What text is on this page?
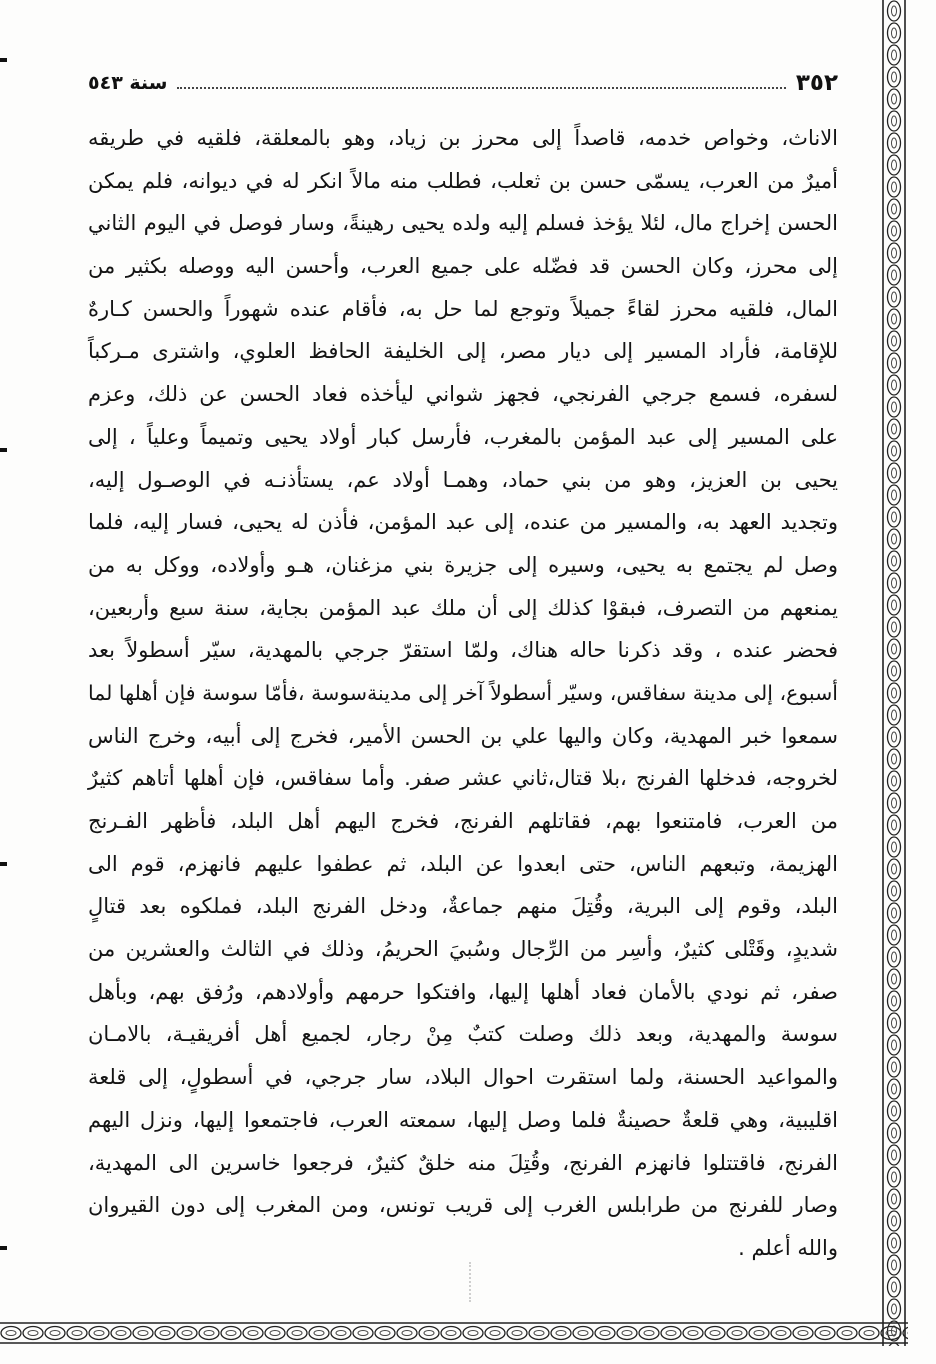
٣٥٢
سنة ٥٤٣
الاناث، وخواص خدمه، قاصداً إلى محرز بن زياد، وهو بالمعلقة، فلقيه في طريقه
أميرٌ من العرب، يسمّى حسن بن ثعلب، فطلب منه مالاً انكر له في ديوانه، فلم يمكن
الحسن إخراج مال، لئلا يؤخذ فسلم إليه ولده يحيى رهينةً، وسار فوصل في اليوم الثاني
إلى محرز، وكان الحسن قد فضّله على جميع العرب، وأحسن اليه ووصله بكثير من
المال، فلقيه محرز لقاءً جميلاً وتوجع لما حل به، فأقام عنده شهوراً والحسن كـارهٌ
للإقامة، فأراد المسير إلى ديار مصر، إلى الخليفة الحافظ العلوي، واشترى مـركباً
لسفره، فسمع جرجي الفرنجي، فجهز شواني ليأخذه فعاد الحسن عن ذلك، وعزم
على المسير إلى عبد المؤمن بالمغرب، فأرسل كبار أولاد يحيى وتميماً وعلياً ، إلى
يحيى بن العزيز، وهو من بني حماد، وهمـا أولاد عم، يستأذنـه في الوصـول إليه،
وتجديد العهد به، والمسير من عنده، إلى عبد المؤمن، فأذن له يحيى، فسار إليه، فلما
وصل لم يجتمع به يحيى، وسيره إلى جزيرة بني مزغنان، هـو وأولاده، ووكل به من
يمنعهم من التصرف، فبقوْا كذلك إلى أن ملك عبد المؤمن بجاية، سنة سبع وأربعين،
فحضر عنده ، وقد ذكرنا حاله هناك، ولمّا استقرّ جرجي بالمهدية، سيّر أسطولاً بعد
أسبوع، إلى مدينة سفاقس، وسيّر أسطولاً آخر إلى مدينةسوسة ،فأمّا سوسة فإن أهلها لما
سمعوا خبر المهدية، وكان واليها علي بن الحسن الأمير، فخرج إلى أبيه، وخرج الناس
لخروجه، فدخلها الفرنج ،بلا قتال،ثاني عشر صفر. وأما سفاقس، فإن أهلها أتاهم كثيرٌ
من العرب، فامتنعوا بهم، فقاتلهم الفرنج، فخرج اليهم أهل البلد، فأظهر الفـرنج
الهزيمة، وتبعهم الناس، حتى ابعدوا عن البلد، ثم عطفوا عليهم فانهزم، قوم الى
البلد، وقوم إلى البرية، وقُتِلَ منهم جماعةٌ، ودخل الفرنج البلد، فملكوه بعد قتالٍ
شديدٍ، وقَتْلى كثيرٌ، وأسِر من الرِّجال وسُبيَ الحريمُ، وذلك في الثالث والعشرين من
صفر، ثم نودي بالأمان فعاد أهلها إليها، وافتكوا حرمهم وأولادهم، ورُفق بهم، وبأهل
سوسة والمهدية، وبعد ذلك وصلت كتبٌ مِنْ رجار، لجميع أهل أفريقيـة، بالامـان
والمواعيد الحسنة، ولما استقرت احوال البلاد، سار جرجي، في أسطولٍ، إلى قلعة
اقليبية، وهي قلعةٌ حصينةٌ فلما وصل إليها، سمعته العرب، فاجتمعوا إليها، ونزل اليهم
الفرنج، فاقتتلوا فانهزم الفرنج، وقُتِلَ منه خلقٌ كثيرٌ، فرجعوا خاسرين الى المهدية،
وصار للفرنج من طرابلس الغرب إلى قريب تونس، ومن المغرب إلى دون القيروان
والله أعلم .
